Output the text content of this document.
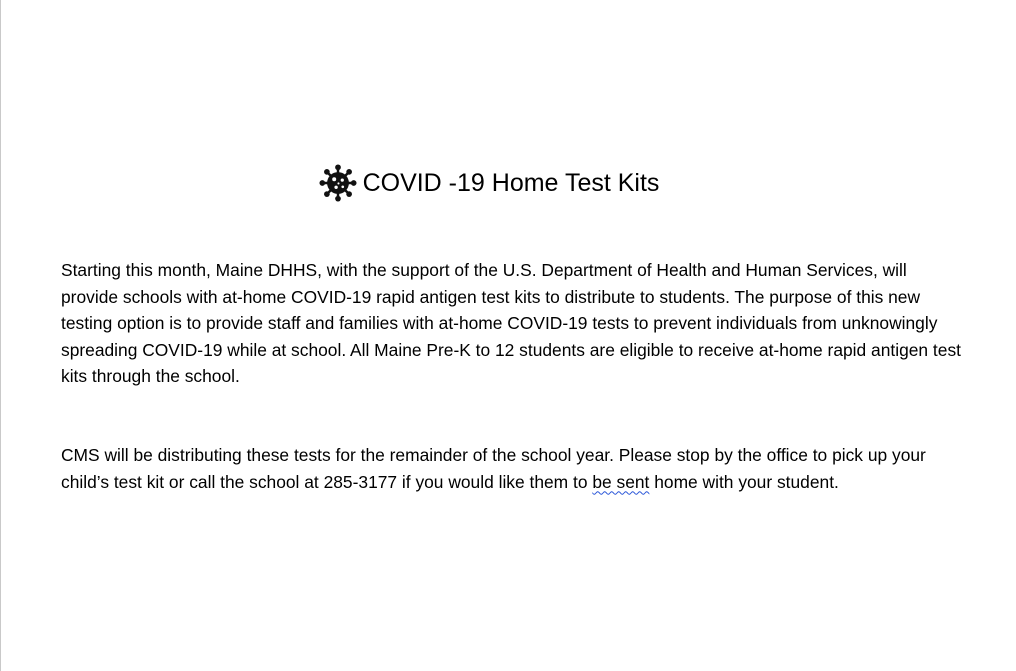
COVID -19 Home Test Kits

Starting this month, Maine DHHS, with the support of the U.S. Department of Health and Human Services, will provide schools with at-home COVID-19 rapid antigen test kits to distribute to students. The purpose of this new testing option is to provide staff and families with at-home COVID-19 tests to prevent individuals from unknowingly spreading COVID-19 while at school. All Maine Pre-K to 12 students are eligible to receive at-home rapid antigen test kits through the school.

CMS will be distributing these tests for the remainder of the school year. Please stop by the office to pick up your child’s test kit or call the school at 285-3177 if you would like them to be sent home with your student.
